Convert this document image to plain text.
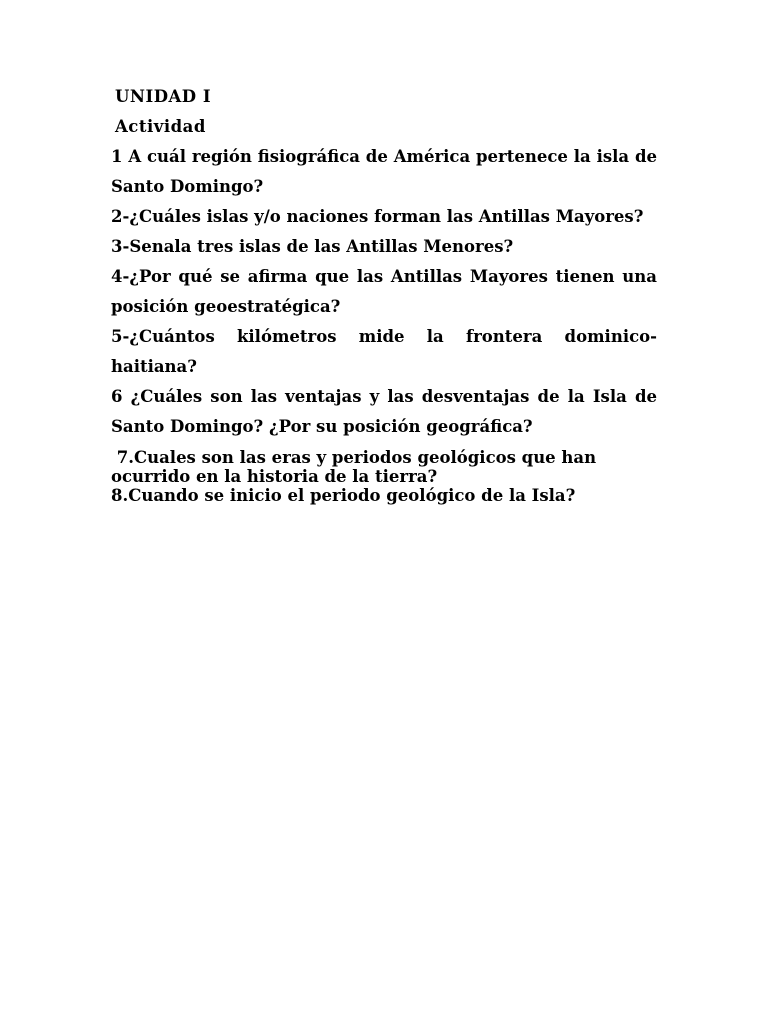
UNIDAD I

Actividad

1 A cuál región fisiográfica de América pertenece la isla de Santo Domingo?

2-¿Cuáles islas y/o naciones forman las Antillas Mayores?

3-Senala tres islas de las Antillas Menores?

4-¿Por qué se afirma que las Antillas Mayores tienen una posición geoestratégica?

5-¿Cuántos kilómetros mide la frontera dominico-haitiana?

6 ¿Cuáles son las ventajas y las desventajas de la Isla de Santo Domingo? ¿Por su posición geográfica?

7.Cuales son las eras y periodos geológicos que han ocurrido en la historia de la tierra?

8.Cuando se inicio el periodo geológico de la Isla?
